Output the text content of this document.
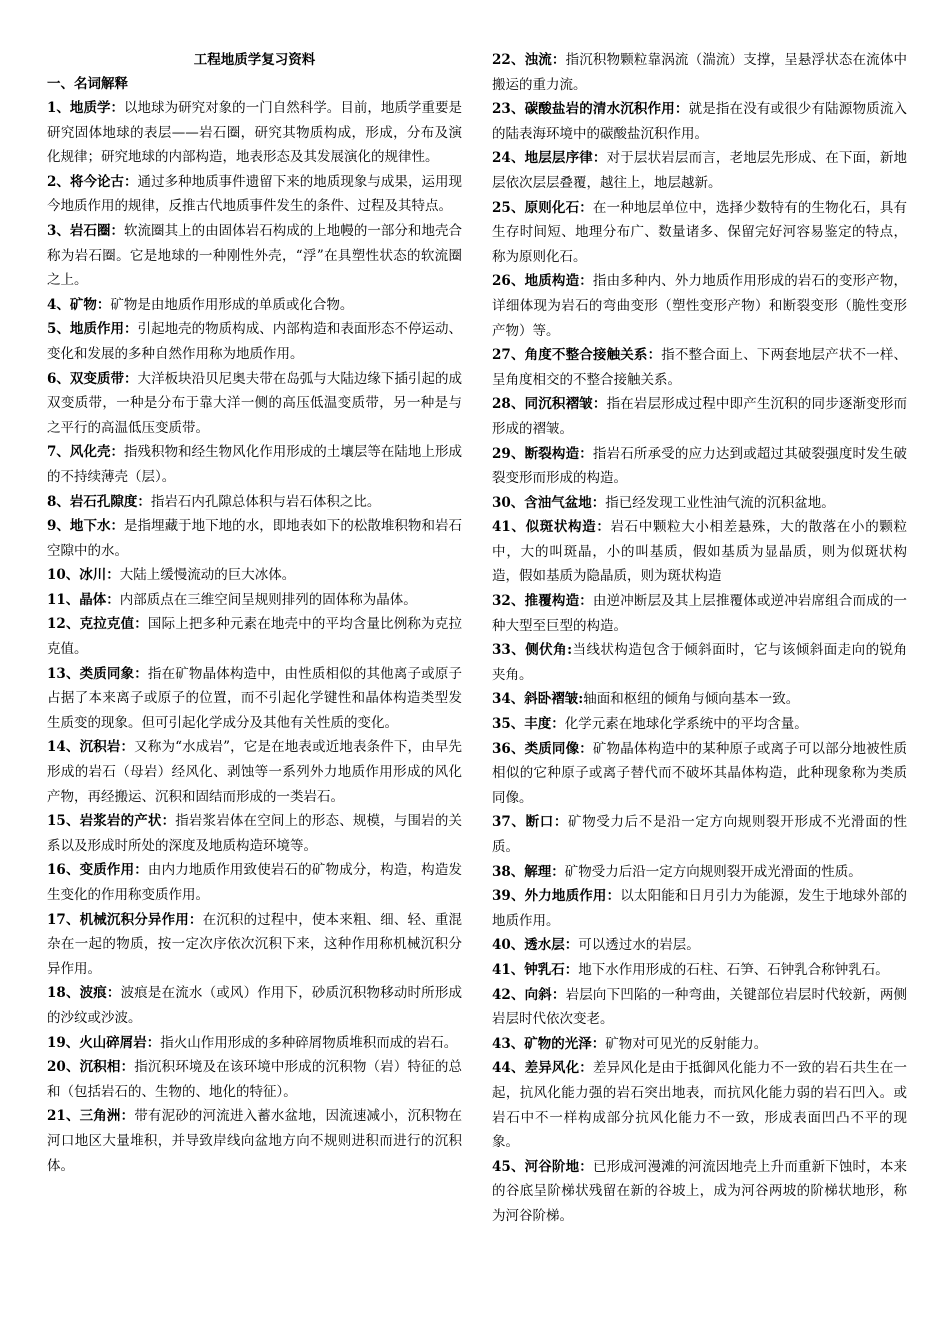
工程地质学复习资料
一、名词解释

1、地质学：以地球为研究对象的一门自然科学。目前，地质学重要是研究固体地球的表层——岩石圈，研究其物质构成，形成，分布及演化规律；研究地球的内部构造，地表形态及其发展演化的规律性。

2、将今论古：通过多种地质事件遗留下来的地质现象与成果，运用现今地质作用的规律，反推古代地质事件发生的条件、过程及其特点。

3、岩石圈：软流圈其上的由固体岩石构成的上地幔的一部分和地壳合称为岩石圈。它是地球的一种刚性外壳，“浮”在具塑性状态的软流圈之上。

4、矿物：矿物是由地质作用形成的单质或化合物。

5、地质作用：引起地壳的物质构成、内部构造和表面形态不停运动、变化和发展的多种自然作用称为地质作用。

6、双变质带：大洋板块沿贝尼奥夫带在岛弧与大陆边缘下插引起的成双变质带，一种是分布于靠大洋一侧的高压低温变质带，另一种是与之平行的高温低压变质带。

7、风化壳：指残积物和经生物风化作用形成的土壤层等在陆地上形成的不持续薄壳（层）。

8、岩石孔隙度：指岩石内孔隙总体积与岩石体积之比。

9、地下水：是指埋藏于地下地的水，即地表如下的松散堆积物和岩石空隙中的水。

10、冰川：大陆上缓慢流动的巨大冰体。

11、晶体：内部质点在三维空间呈规则排列的固体称为晶体。

12、克拉克值：国际上把多种元素在地壳中的平均含量比例称为克拉克值。

13、类质同象：指在矿物晶体构造中，由性质相似的其他离子或原子占据了本来离子或原子的位置，而不引起化学键性和晶体构造类型发生质变的现象。但可引起化学成分及其他有关性质的变化。

14、沉积岩：又称为“水成岩”，它是在地表或近地表条件下，由早先形成的岩石（母岩）经风化、剥蚀等一系列外力地质作用形成的风化产物，再经搬运、沉积和固结而形成的一类岩石。

15、岩浆岩的产状：指岩浆岩体在空间上的形态、规模，与围岩的关系以及形成时所处的深度及地质构造环境等。

16、变质作用：由内力地质作用致使岩石的矿物成分，构造，构造发生变化的作用称变质作用。

17、机械沉积分异作用：在沉积的过程中，使本来粗、细、轻、重混杂在一起的物质，按一定次序依次沉积下来，这种作用称机械沉积分异作用。

18、波痕：波痕是在流水（或风）作用下，砂质沉积物移动时所形成的沙纹或沙波。

19、火山碎屑岩：指火山作用形成的多种碎屑物质堆积而成的岩石。

20、沉积相：指沉积环境及在该环境中形成的沉积物（岩）特征的总和（包括岩石的、生物的、地化的特征）。

21、三角洲：带有泥砂的河流进入蓄水盆地，因流速减小，沉积物在河口地区大量堆积，并导致岸线向盆地方向不规则进积而进行的沉积体。

22、浊流：指沉积物颗粒靠涡流（湍流）支撑，呈悬浮状态在流体中搬运的重力流。

23、碳酸盐岩的清水沉积作用：就是指在没有或很少有陆源物质流入的陆表海环境中的碳酸盐沉积作用。

24、地层层序律：对于层状岩层而言，老地层先形成、在下面，新地层依次层层叠覆，越往上，地层越新。

25、原则化石：在一种地层单位中，选择少数特有的生物化石，具有生存时间短、地理分布广、数量诸多、保留完好河容易鉴定的特点，称为原则化石。

26、地质构造：指由多种内、外力地质作用形成的岩石的变形产物，详细体现为岩石的弯曲变形（塑性变形产物）和断裂变形（脆性变形产物）等。

27、角度不整合接触关系：指不整合面上、下两套地层产状不一样、呈角度相交的不整合接触关系。

28、同沉积褶皱：指在岩层形成过程中即产生沉积的同步逐渐变形而形成的褶皱。

29、断裂构造：指岩石所承受的应力达到或超过其破裂强度时发生破裂变形而形成的构造。

30、含油气盆地：指已经发现工业性油气流的沉积盆地。

41、似斑状构造：岩石中颗粒大小相差悬殊，大的散落在小的颗粒中，大的叫斑晶，小的叫基质，假如基质为显晶质，则为似斑状构造，假如基质为隐晶质，则为斑状构造

32、推覆构造：由逆冲断层及其上层推覆体或逆冲岩席组合而成的一种大型至巨型的构造。

33、侧伏角:当线状构造包含于倾斜面时，它与该倾斜面走向的锐角夹角。

34、斜卧褶皱:轴面和枢纽的倾角与倾向基本一致。

35、丰度：化学元素在地球化学系统中的平均含量。

36、类质同像：矿物晶体构造中的某种原子或离子可以部分地被性质相似的它种原子或离子替代而不破坏其晶体构造，此种现象称为类质同像。

37、断口：矿物受力后不是沿一定方向规则裂开形成不光滑面的性质。

38、解理：矿物受力后沿一定方向规则裂开成光滑面的性质。

39、外力地质作用：以太阳能和日月引力为能源，发生于地球外部的地质作用。

40、透水层：可以透过水的岩层。

41、钟乳石：地下水作用形成的石柱、石笋、石钟乳合称钟乳石。

42、向斜：岩层向下凹陷的一种弯曲，关键部位岩层时代较新，两侧岩层时代依次变老。

43、矿物的光泽：矿物对可见光的反射能力。

44、差异风化：差异风化是由于抵御风化能力不一致的岩石共生在一起，抗风化能力强的岩石突出地表，而抗风化能力弱的岩石凹入。或岩石中不一样构成部分抗风化能力不一致，形成表面凹凸不平的现象。

45、河谷阶地：已形成河漫滩的河流因地壳上升而重新下蚀时，本来的谷底呈阶梯状残留在新的谷坡上，成为河谷两坡的阶梯状地形，称为河谷阶梯。
